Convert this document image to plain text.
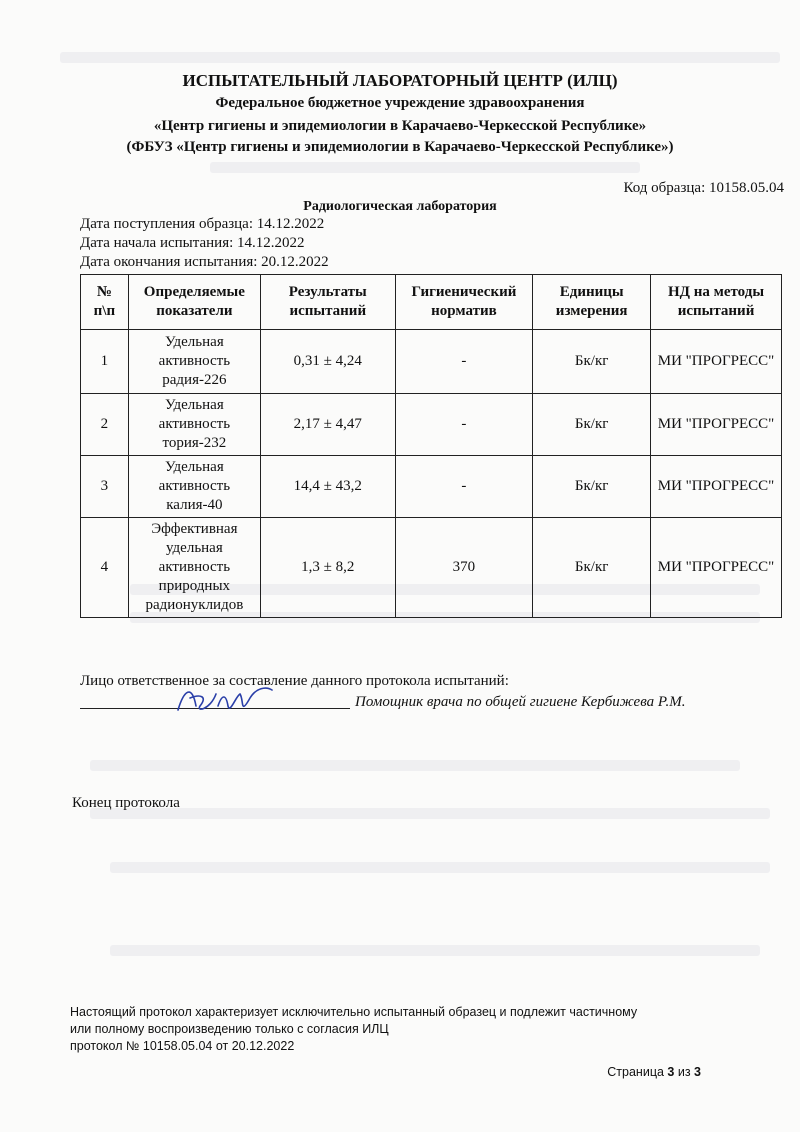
ИСПЫТАТЕЛЬНЫЙ ЛАБОРАТОРНЫЙ ЦЕНТР (ИЛЦ)
Федеральное бюджетное учреждение здравоохранения
«Центр гигиены и эпидемиологии в Карачаево-Черкесской Республике»
(ФБУЗ «Центр гигиены и эпидемиологии в Карачаево-Черкесской Республике»)
Код образца: 10158.05.04
Радиологическая лаборатория
Дата поступления образца: 14.12.2022
Дата начала испытания: 14.12.2022
Дата окончания испытания: 20.12.2022
№ п\п	Определяемые показатели	Результаты испытаний	Гигиенический норматив	Единицы измерения	НД на методы испытаний
1	Удельная активность радия-226	0,31 ± 4,24	-	Бк/кг	МИ "ПРОГРЕСС"
2	Удельная активность тория-232	2,17 ± 4,47	-	Бк/кг	МИ "ПРОГРЕСС"
3	Удельная активность калия-40	14,4 ± 43,2	-	Бк/кг	МИ "ПРОГРЕСС"
4	Эффективная удельная активность природных радионуклидов	1,3 ± 8,2	370	Бк/кг	МИ "ПРОГРЕСС"
Лицо ответственное за составление данного протокола испытаний:
Помощник врача по общей гигиене Кербижева Р.М.
Конец протокола
Настоящий протокол характеризует исключительно испытанный образец и подлежит частичному
или полному воспроизведению только с согласия ИЛЦ
протокол № 10158.05.04 от 20.12.2022
Страница 3 из 3
